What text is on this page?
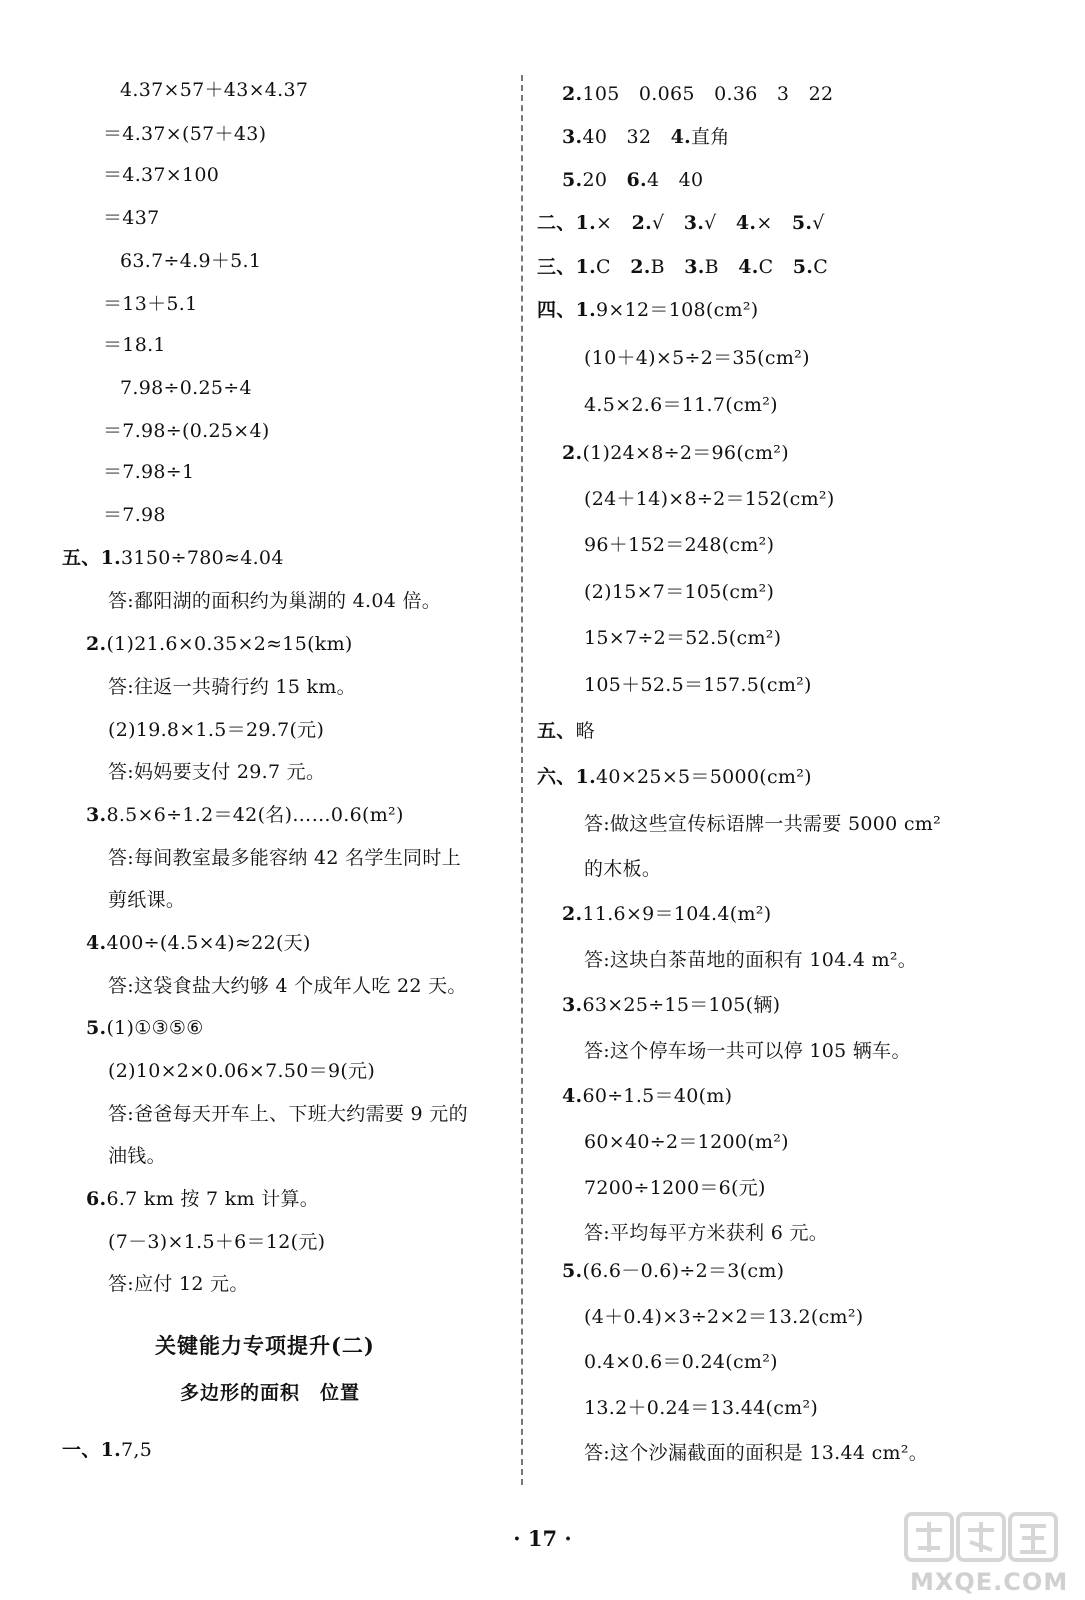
4.37×57＋43×4.37
＝4.37×(57＋43)
＝4.37×100
＝437
63.7÷4.9＋5.1
＝13＋5.1
＝18.1
7.98÷0.25÷4
＝7.98÷(0.25×4)
＝7.98÷1
＝7.98
五、1.3150÷780≈4.04
答:鄱阳湖的面积约为巢湖的 4.04 倍。
2.(1)21.6×0.35×2≈15(km)
答:往返一共骑行约 15 km。
(2)19.8×1.5＝29.7(元)
答:妈妈要支付 29.7 元。
3.8.5×6÷1.2＝42(名)……0.6(m²)
答:每间教室最多能容纳 42 名学生同时上
剪纸课。
4.400÷(4.5×4)≈22(天)
答:这袋食盐大约够 4 个成年人吃 22 天。
5.(1)①③⑤⑥
(2)10×2×0.06×7.50＝9(元)
答:爸爸每天开车上、下班大约需要 9 元的
油钱。
6.6.7 km 按 7 km 计算。
(7－3)×1.5＋6＝12(元)
答:应付 12 元。
一、1.7,5
2.105　0.065　0.36　3　22
3.40　32　4.直角
5.20　6.4　40
二、1.×　2.√　3.√　4.×　5.√
三、1.C　2.B　3.B　4.C　5.C
四、1.9×12＝108(cm²)
(10＋4)×5÷2＝35(cm²)
4.5×2.6＝11.7(cm²)
2.(1)24×8÷2＝96(cm²)
(24＋14)×8÷2＝152(cm²)
96＋152＝248(cm²)
(2)15×7＝105(cm²)
15×7÷2＝52.5(cm²)
105＋52.5＝157.5(cm²)
五、略
六、1.40×25×5＝5000(cm²)
答:做这些宣传标语牌一共需要 5000 cm²
的木板。
2.11.6×9＝104.4(m²)
答:这块白茶苗地的面积有 104.4 m²。
3.63×25÷15＝105(辆)
答:这个停车场一共可以停 105 辆车。
4.60÷1.5＝40(m)
60×40÷2＝1200(m²)
7200÷1200＝6(元)
答:平均每平方米获利 6 元。
5.(6.6－0.6)÷2＝3(cm)
(4＋0.4)×3÷2×2＝13.2(cm²)
0.4×0.6＝0.24(cm²)
13.2＋0.24＝13.44(cm²)
答:这个沙漏截面的面积是 13.44 cm²。
关键能力专项提升(二)
多边形的面积　位置
· 17 ·
MXQE.COM
